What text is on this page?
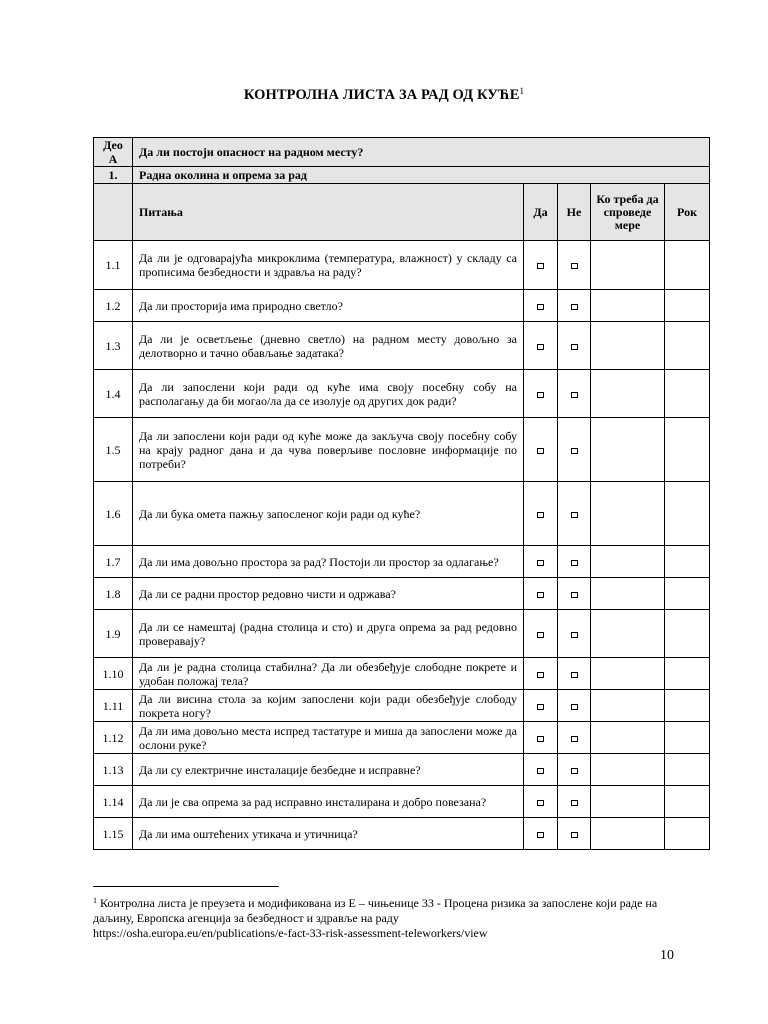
КОНТРОЛНА ЛИСТА ЗА РАД ОД КУЋЕ$^1$
Део А	Да ли постоји опасност на радном месту?				
1.	Радна околина и опрема за рад				
	Питања	Да	Не	Ко треба да спроведе мере	Рок
1.1	Да ли је одговарајућа микроклима (температура, влажност) у складу са прописима безбедности и здравља на раду?				
1.2	Да ли просторија има природно светло?				
1.3	Да ли је осветљење (дневно светло) на радном месту довољно за делотворно и тачно обављање задатака?				
1.4	Да ли запослени који ради од куће има своју посебну собу на располагању да би могао/ла да се изолује од других док ради?				
1.5	Да ли запослени који ради од куће може да закључа своју посебну собу на крају радног дана и да чува поверљиве пословне информације по потреби?				
1.6	Да ли бука омета пажњу запосленог који ради од куће?				
1.7	Да ли има довољно простора за рад? Постоји ли простор за одлагање?				
1.8	Да ли се радни простор редовно чисти и одржава?				
1.9	Да ли се намештај (радна столица и сто) и друга опрема за рад редовно проверавају?				
1.10	Да ли је радна столица стабилна? Да ли обезбеђује слободне покрете и удобан положај тела?				
1.11	Да ли висина стола за којим запослени који ради обезбеђује слободу покрета ногу?				
1.12	Да ли има довољно места испред тастатуре и миша да запослени може да ослони руке?				
1.13	Да ли су електричне инсталације безбедне и исправне?				
1.14	Да ли је сва опрема за рад исправно инсталирана и добро повезана?				
1.15	Да ли има оштећених утикача и утичница?				
$^1$ Контролна листа је преузета и модификована из Е – чињенице 33 - Процена ризика за запослене који раде на даљину, Европска агенција за безбедност и здравље на раду
https://osha.europa.eu/en/publications/e-fact-33-risk-assessment-teleworkers/view
10
